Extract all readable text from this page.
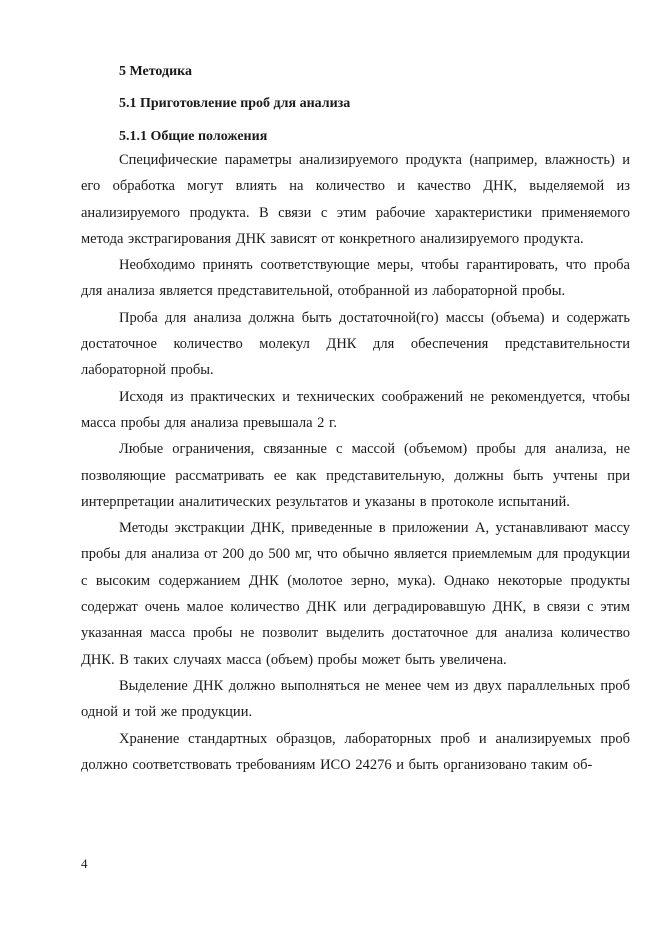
5 Методика

5.1 Приготовление проб для анализа

5.1.1 Общие положения

Специфические параметры анализируемого продукта (например, влажность) и его обработка могут влиять на количество и качество ДНК, выделяемой из анализируемого продукта. В связи с этим рабочие характеристики применяемого метода экстрагирования ДНК зависят от конкретного анализируемого продукта.

Необходимо принять соответствующие меры, чтобы гарантировать, что проба для анализа является представительной, отобранной из лабораторной пробы.

Проба для анализа должна быть достаточной(го) массы (объема) и содержать достаточное количество молекул ДНК для обеспечения представительности лабораторной пробы.

Исходя из практических и технических соображений не рекомендуется, чтобы масса пробы для анализа превышала 2 г.

Любые ограничения, связанные с массой (объемом) пробы для анализа, не позволяющие рассматривать ее как представительную, должны быть учтены при интерпретации аналитических результатов и указаны в протоколе испытаний.

Методы экстракции ДНК, приведенные в приложении А, устанавливают массу пробы для анализа от 200 до 500 мг, что обычно является приемлемым для продукции с высоким содержанием ДНК (молотое зерно, мука). Однако некоторые продукты содержат очень малое количество ДНК или деградировавшую ДНК, в связи с этим указанная масса пробы не позволит выделить достаточное для анализа количество ДНК. В таких случаях масса (объем) пробы может быть увеличена.

Выделение ДНК должно выполняться не менее чем из двух параллельных проб одной и той же продукции.

Хранение стандартных образцов, лабораторных проб и анализируемых проб должно соответствовать требованиям ИСО 24276 и быть организовано таким об-

4
